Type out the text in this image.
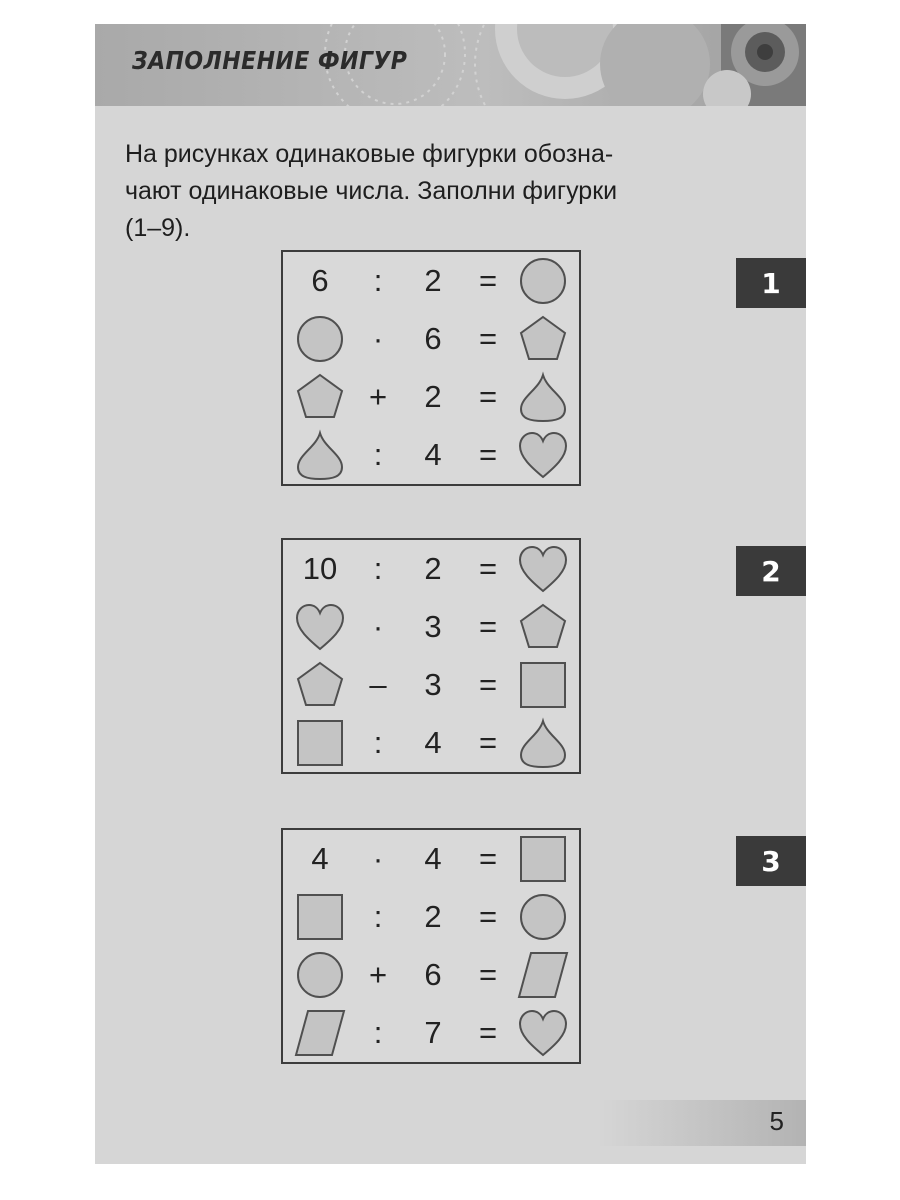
ЗАПОЛНЕНИЕ ФИГУР
На рисунках одинаковые фигурки обозна-
чают одинаковые числа. Заполни фигурки
(1–9).
6	:	2	=
·	6	=
+	2	=
:	4	=
1
10	:	2	=
·	3	=
–	3	=
:	4	=
2
4	·	4	=
:	2	=
+	6	=
:	7	=
3
5
